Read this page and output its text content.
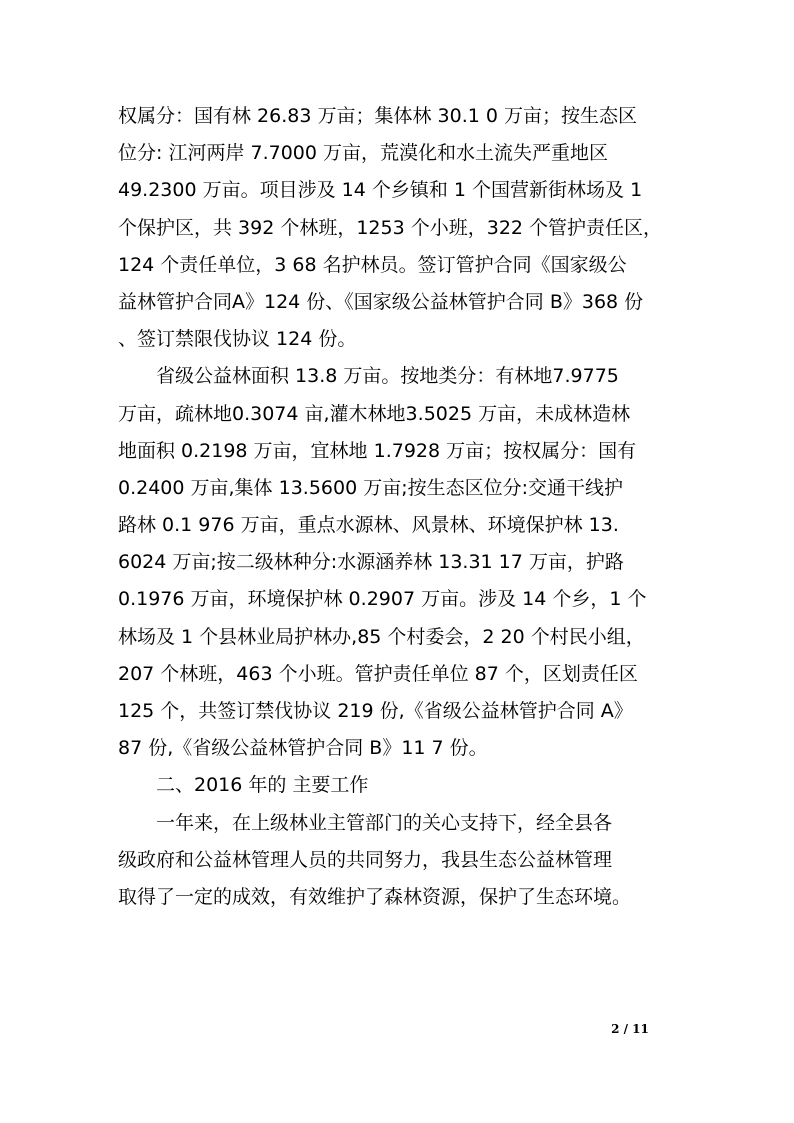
权属分：国有林 26.83 万亩；集体林 30.1 0 万亩；按生态区
位分: 江河两岸 7.7000 万亩，荒漠化和水土流失严重地区
49.2300 万亩。项目涉及 14 个乡镇和 1 个国营新街林场及 1
个保护区，共 392 个林班，1253 个小班，322 个管护责任区，
124 个责任单位，3 68 名护林员。签订管护合同《国家级公
益林管护合同A》124 份、《国家级公益林管护合同 B》368 份
、签订禁限伐协议 124 份。
　　省级公益林面积 13.8 万亩。按地类分：有林地7.9775
万亩，疏林地0.3074 亩,灌木林地3.5025 万亩，未成林造林
地面积 0.2198 万亩，宜林地 1.7928 万亩；按权属分：国有
0.2400 万亩,集体 13.5600 万亩;按生态区位分:交通干线护
路林 0.1 976 万亩，重点水源林、风景林、环境保护林 13.
6024 万亩;按二级林种分:水源涵养林 13.31 17 万亩，护路
0.1976 万亩，环境保护林 0.2907 万亩。涉及 14 个乡，1 个
林场及 1 个县林业局护林办,85 个村委会，2 20 个村民小组，
207 个林班，463 个小班。管护责任单位 87 个，区划责任区
125 个，共签订禁伐协议 219 份,《省级公益林管护合同 A》
87 份,《省级公益林管护合同 B》11 7 份。
　　二、2016 年的 主要工作
　　一年来，在上级林业主管部门的关心支持下，经全县各
级政府和公益林管理人员的共同努力，我县生态公益林管理
取得了一定的成效，有效维护了森林资源，保护了生态环境。
2 / 11
